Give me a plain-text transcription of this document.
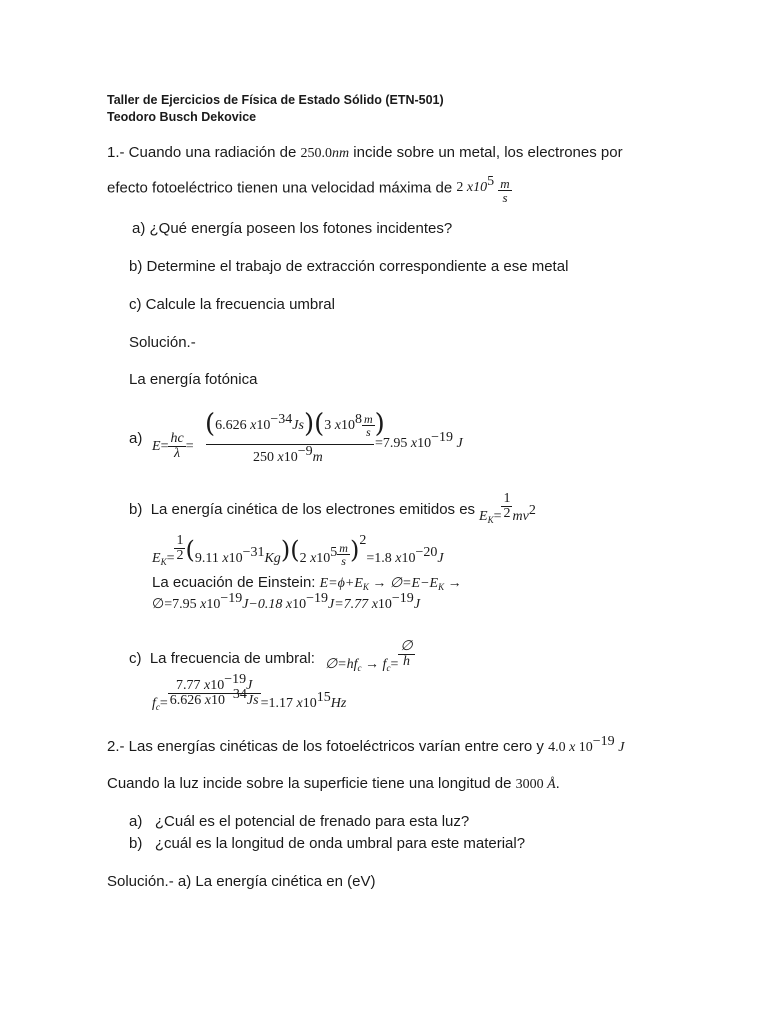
Taller de Ejercicios de Física de Estado Sólido (ETN-501)
Teodoro Busch Dekovice
1.- Cuando una radiación de 250.0nm incide sobre un metal, los electrones por
efecto fotoeléctrico tienen una velocidad máxima de 2 $x10^5 \frac{m}{s}$
a) ¿Qué energía poseen los fotones incidentes?
b) Determine el trabajo de extracción correspondiente a ese metal
c) Calcule la frecuencia umbral
Solución.-
La energía fotónica
a) $E= \frac{hc}{\lambda}$ =
(6.626 $x10^{-34}Js)(3$ $x10^8 \frac{m}{s}$ )
250 $x10^{-9}m$
=7.95 $x10^{-19}$ J
b) La energía cinética de los electrones emitidos es $E_K= \frac{1}{2} mv^2$
$E_K= \frac{1}{2} (9.11$ $x10^{-31}Kg)(2$ $x10^5 \frac{m}{s} )^2=1.8$ $x10^{-20}J$
La ecuación de Einstein: $E=\phi+E_K$ → $\emptyset=E-E_K$ →
∅=7.95 $x10^{-19}J-0.18$ $x10^{-19}J=7.77$ $x10^{-19}J$
c) La frecuencia de umbral: $\emptyset=hf_c \to f_c= \frac{\emptyset}{h}$
$f_c= \frac{7.77 x10^{-19}J}{6.626 x10^{-34}Js} =1.17$ $x10^{15}Hz$
2.- Las energías cinéticas de los fotoeléctricos varían entre cero y 4.0 x $10^{-19}$ J
Cuando la luz incide sobre la superficie tiene una longitud de 3000 Å.
a) ¿Cuál es el potencial de frenado para esta luz?
b) ¿cuál es la longitud de onda umbral para este material?
Solución.- a) La energía cinética en (eV)
